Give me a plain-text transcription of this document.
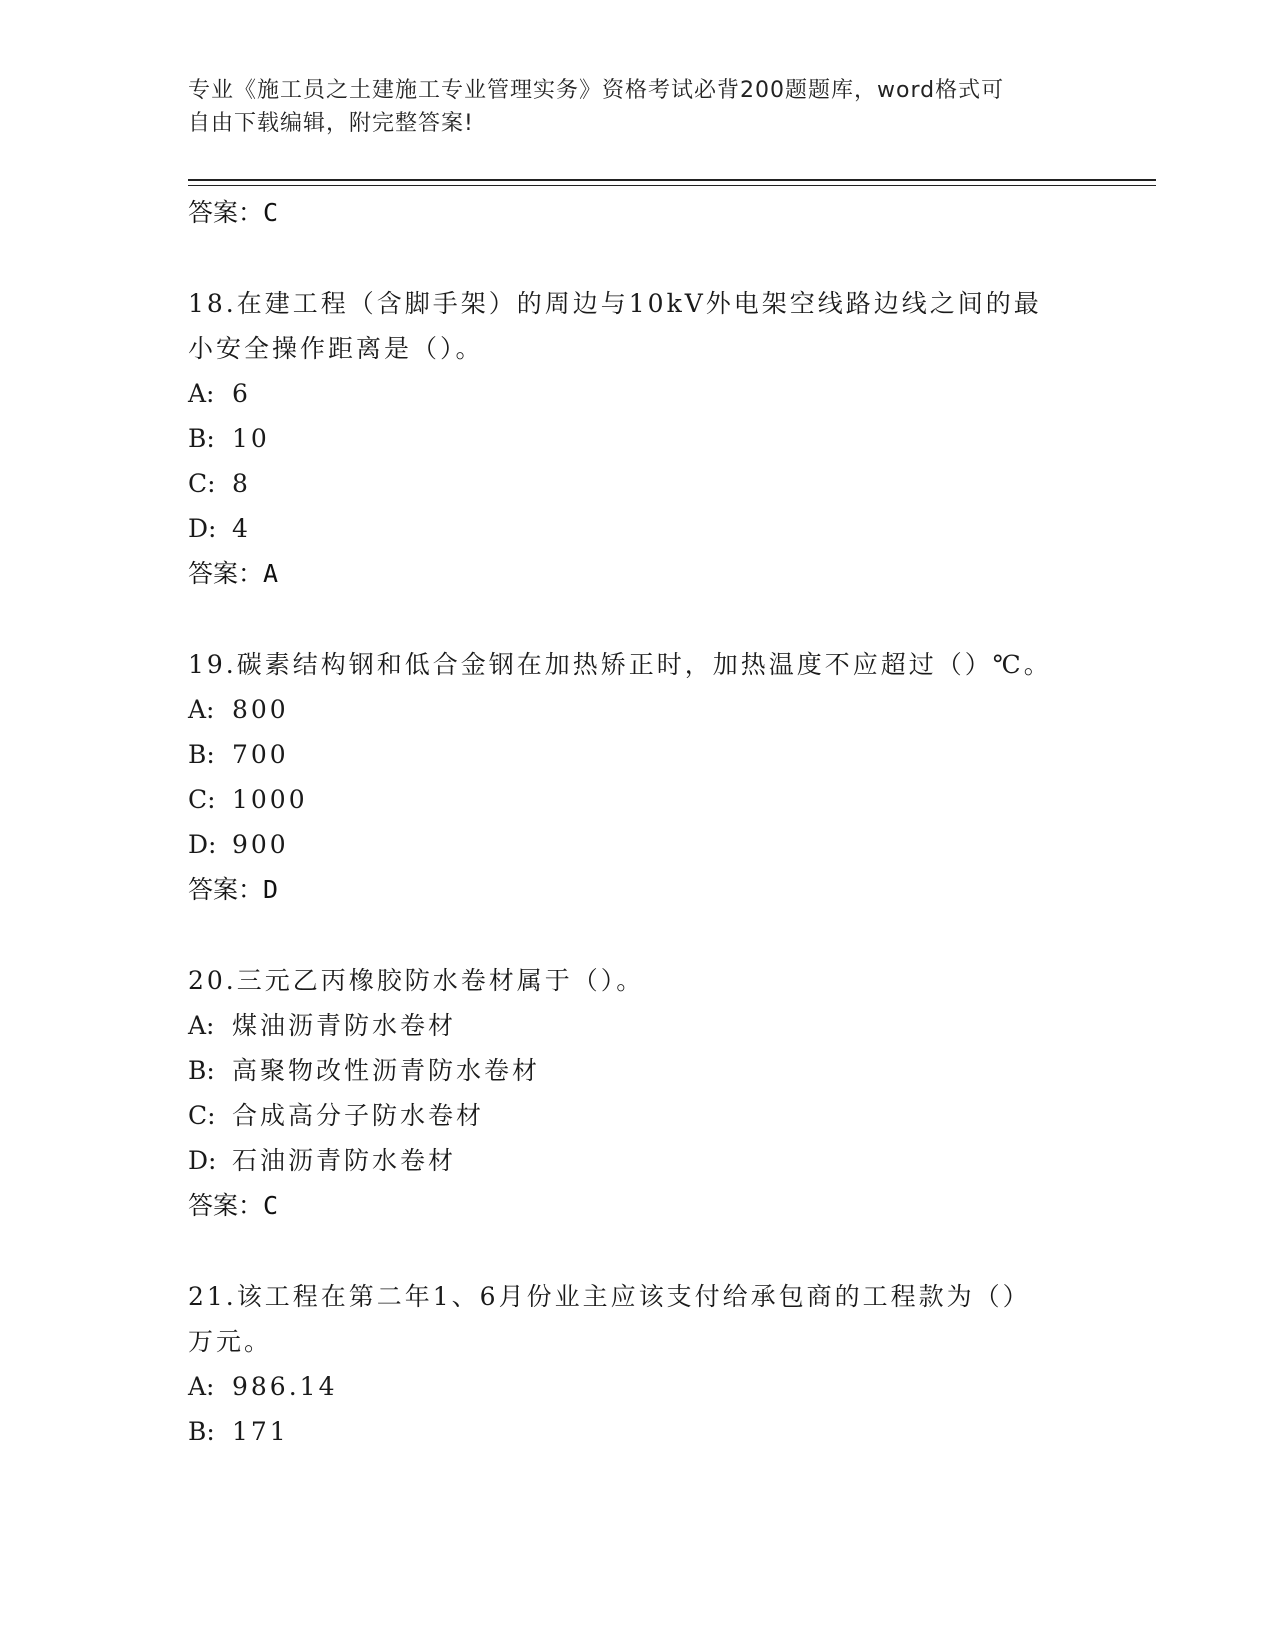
专业《施工员之土建施工专业管理实务》资格考试必背200题题库，word格式可
自由下载编辑，附完整答案!
答案：C
18.在建工程（含脚手架）的周边与10kV外电架空线路边线之间的最
小安全操作距离是（）。
A: 6
B: 10
C: 8
D: 4
答案：A
19.碳素结构钢和低合金钢在加热矫正时，加热温度不应超过（）℃。
A: 800
B: 700
C: 1000
D: 900
答案：D
20.三元乙丙橡胶防水卷材属于（）。
A: 煤油沥青防水卷材
B: 高聚物改性沥青防水卷材
C: 合成高分子防水卷材
D: 石油沥青防水卷材
答案：C
21.该工程在第二年1、6月份业主应该支付给承包商的工程款为（）
万元。
A: 986.14
B: 171
